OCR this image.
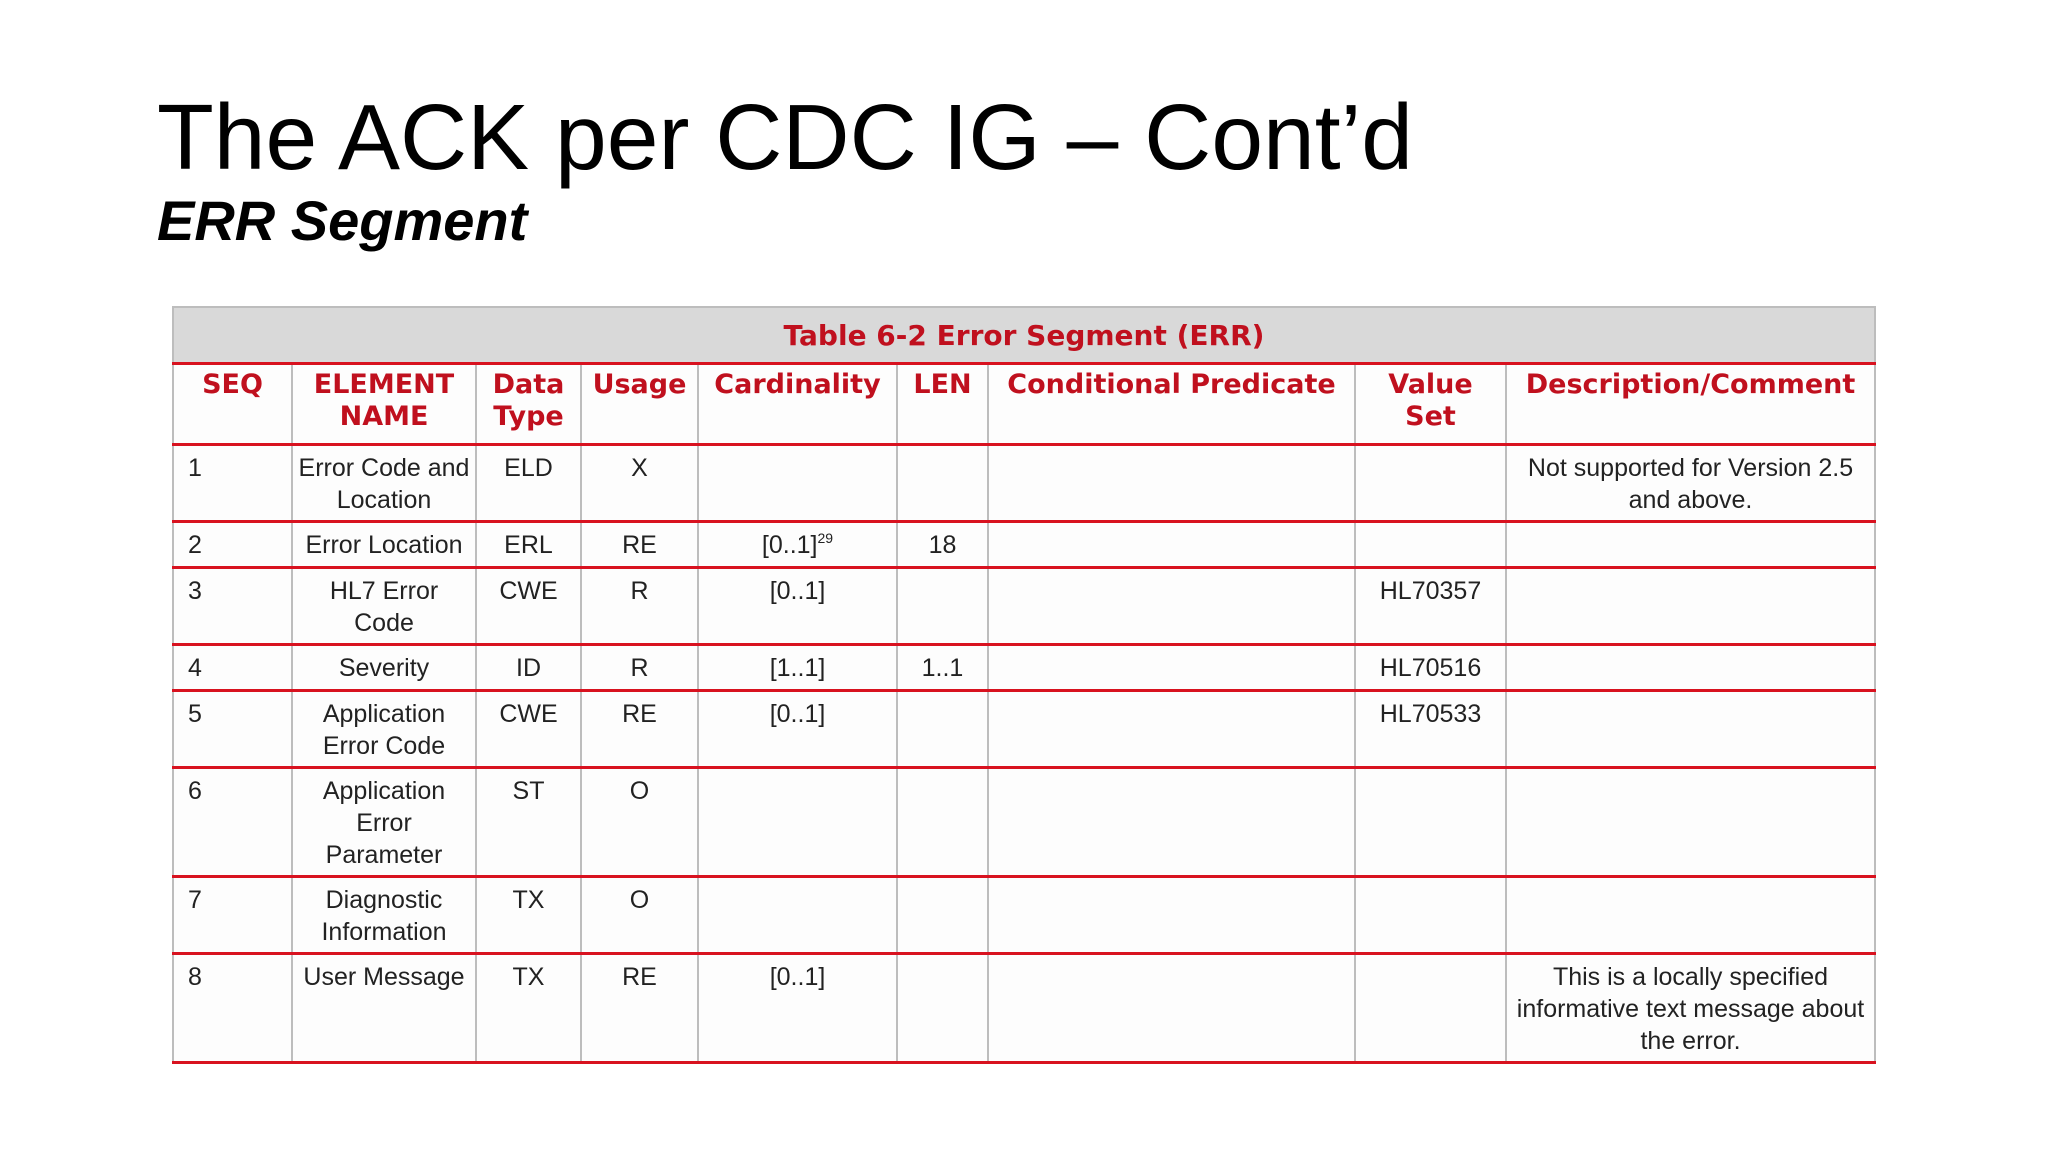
The ACK per CDC IG – Cont’d
ERR Segment
Table 6-2 Error Segment (ERR)								
SEQ	ELEMENT NAME	Data Type	Usage	Cardinality	LEN	Conditional Predicate	Value Set	Description/Comment
1	Error Code and Location	ELD	X					Not supported for Version 2.5 and above.
2	Error Location	ERL	RE	[0..1]$^{29}$	18			
3	HL7 Error Code	CWE	R	[0..1]			HL70357	
4	Severity	ID	R	[1..1]	1..1		HL70516	
5	Application Error Code	CWE	RE	[0..1]			HL70533	
6	Application Error Parameter	ST	O					
7	Diagnostic Information	TX	O					
8	User Message	TX	RE	[0..1]				This is a locally specified informative text message about the error.
